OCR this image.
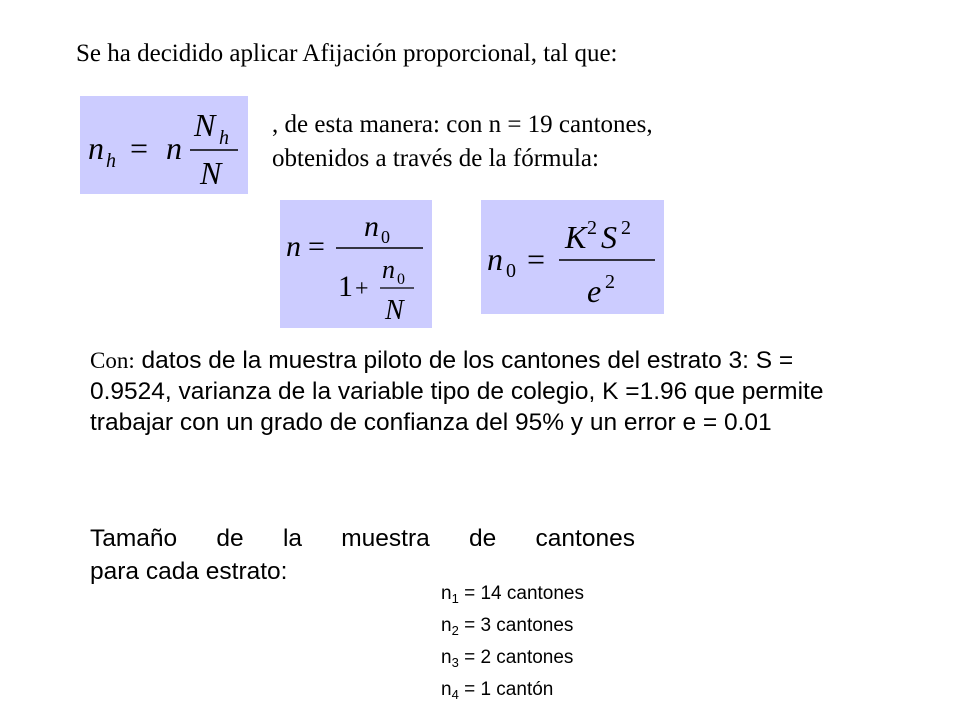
Se ha decidido aplicar Afijación proporcional, tal que:
n h = n
N h
N
, de esta manera: con n = 19 cantones,
obtenidos a través de la fórmula:
n =
n 0
1 +
n 0
N
n 0 =
K 2 S 2
e 2
Con: datos de la muestra piloto de los cantones del estrato 3: S = 0.9524, varianza de la variable tipo de colegio, K =1.96 que permite trabajar con un grado de confianza del 95% y un error e = 0.01
Tamaño de la muestra de cantones
para cada estrato:
$n_1 = 14$ cantones
$n_2 = 3$ cantones
$n_3 = 2$ cantones
$n_4 = 1$ cantón
